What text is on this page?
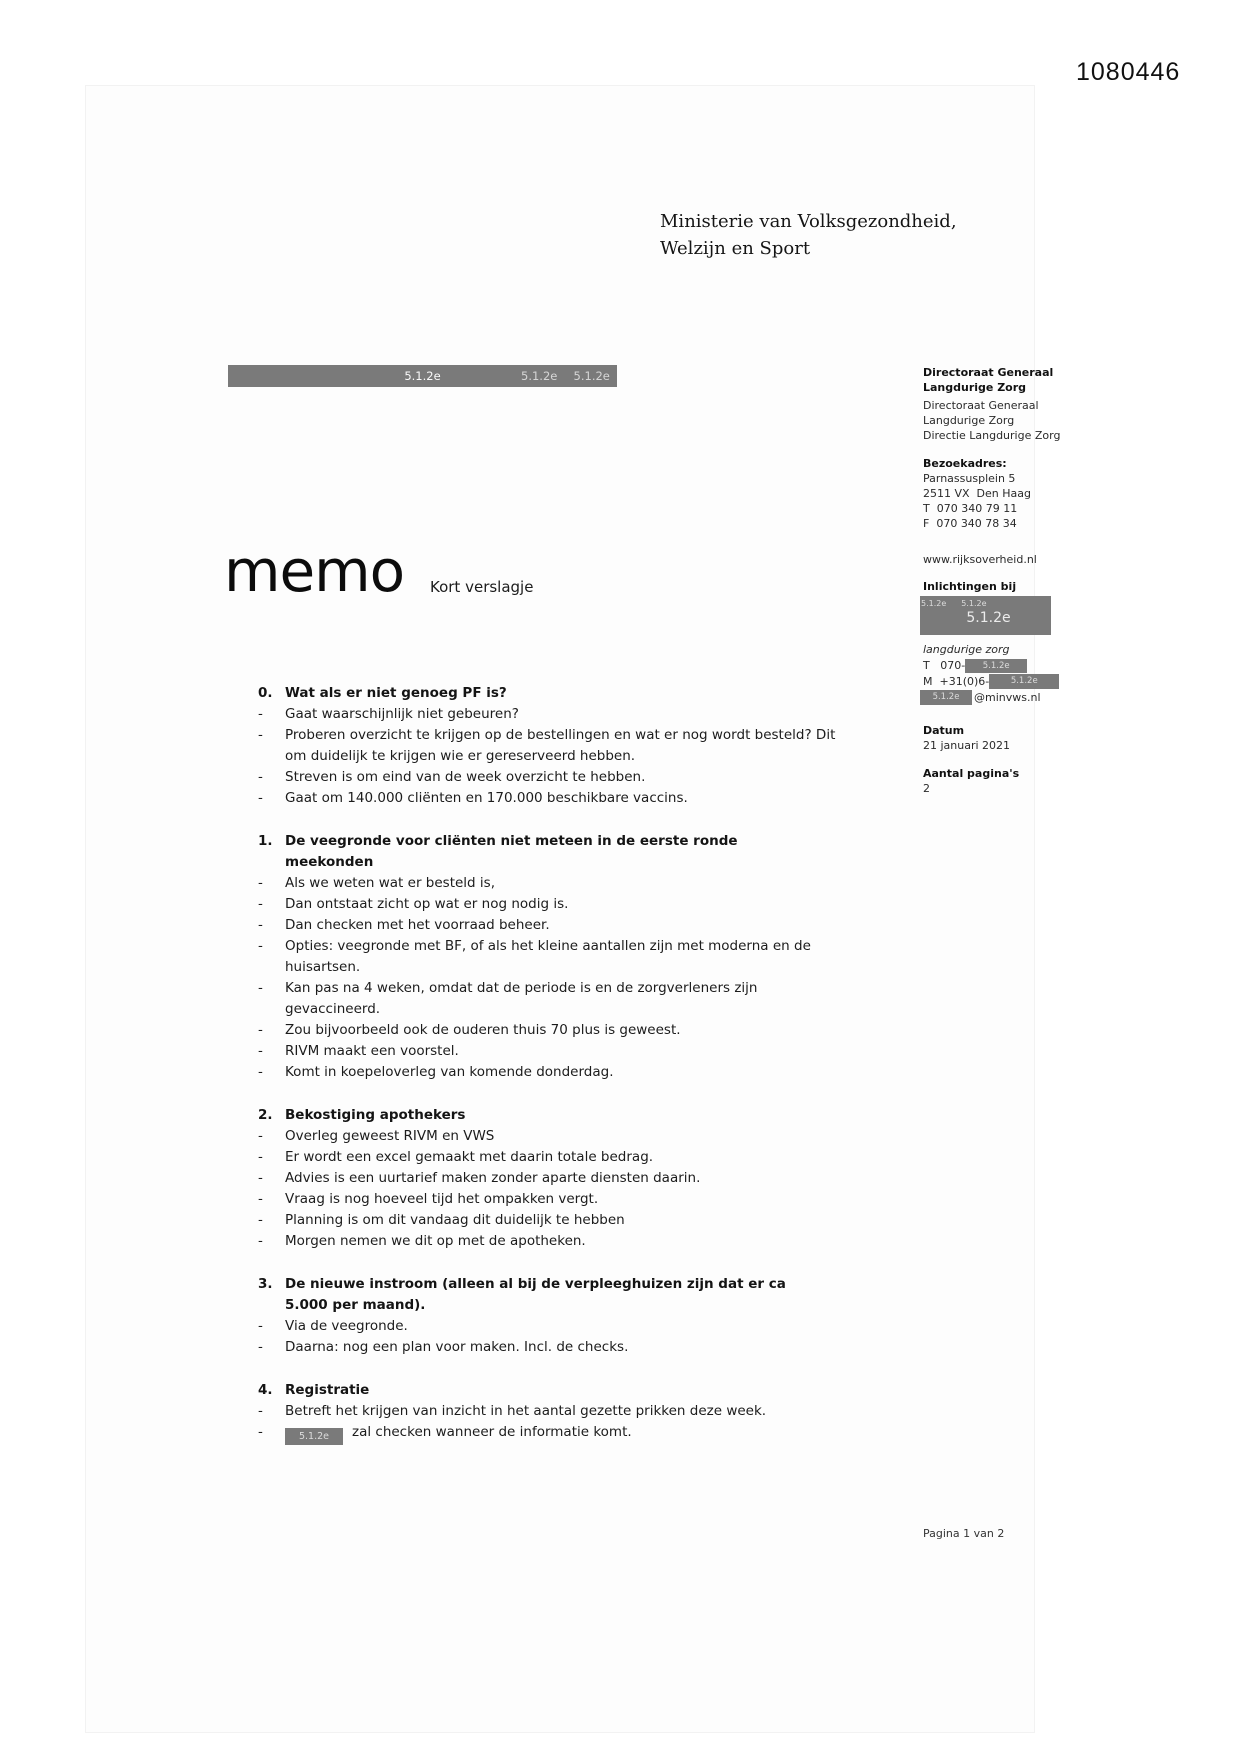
1080446
Ministerie van Volksgezondheid,
Welzijn en Sport
5.1.2e	5.1.2e 5.1.2e
memo Kort verslagje
Directoraat Generaal
Langdurige Zorg
Directoraat Generaal
Langdurige Zorg
Directie Langdurige Zorg
Bezoekadres:
Parnassusplein 5
2511 VX  Den Haag
T  070 340 79 11
F  070 340 78 34
www.rijksoverheid.nl
Inlichtingen bij
5.1.2e 5.1.2e
5.1.2e
langdurige zorg
T   070-	5.1.2e
M  +31(0)6-	5.1.2e
5.1.2e	@minvws.nl
Datum
21 januari 2021
Aantal pagina's
2
0. Wat als er niet genoeg PF is?
-	Gaat waarschijnlijk niet gebeuren?
-	Proberen overzicht te krijgen op de bestellingen en wat er nog wordt besteld? Dit om duidelijk te krijgen wie er gereserveerd hebben.
-	Streven is om eind van de week overzicht te hebben.
-	Gaat om 140.000 cliënten en 170.000 beschikbare vaccins.
1. De veegronde voor cliënten niet meteen in de eerste ronde meekonden
-	Als we weten wat er besteld is,
-	Dan ontstaat zicht op wat er nog nodig is.
-	Dan checken met het voorraad beheer.
-	Opties: veegronde met BF, of als het kleine aantallen zijn met moderna en de huisartsen.
-	Kan pas na 4 weken, omdat dat de periode is en de zorgverleners zijn gevaccineerd.
-	Zou bijvoorbeeld ook de ouderen thuis 70 plus is geweest.
-	RIVM maakt een voorstel.
-	Komt in koepeloverleg van komende donderdag.
2. Bekostiging apothekers
-	Overleg geweest RIVM en VWS
-	Er wordt een excel gemaakt met daarin totale bedrag.
-	Advies is een uurtarief maken zonder aparte diensten daarin.
-	Vraag is nog hoeveel tijd het ompakken vergt.
-	Planning is om dit vandaag dit duidelijk te hebben
-	Morgen nemen we dit op met de apotheken.
3. De nieuwe instroom (alleen al bij de verpleeghuizen zijn dat er ca 5.000 per maand).
-	Via de veegronde.
-	Daarna: nog een plan voor maken. Incl. de checks.
4. Registratie
-	Betreft het krijgen van inzicht in het aantal gezette prikken deze week.
-	5.1.2e zal checken wanneer de informatie komt.
Pagina 1 van 2
